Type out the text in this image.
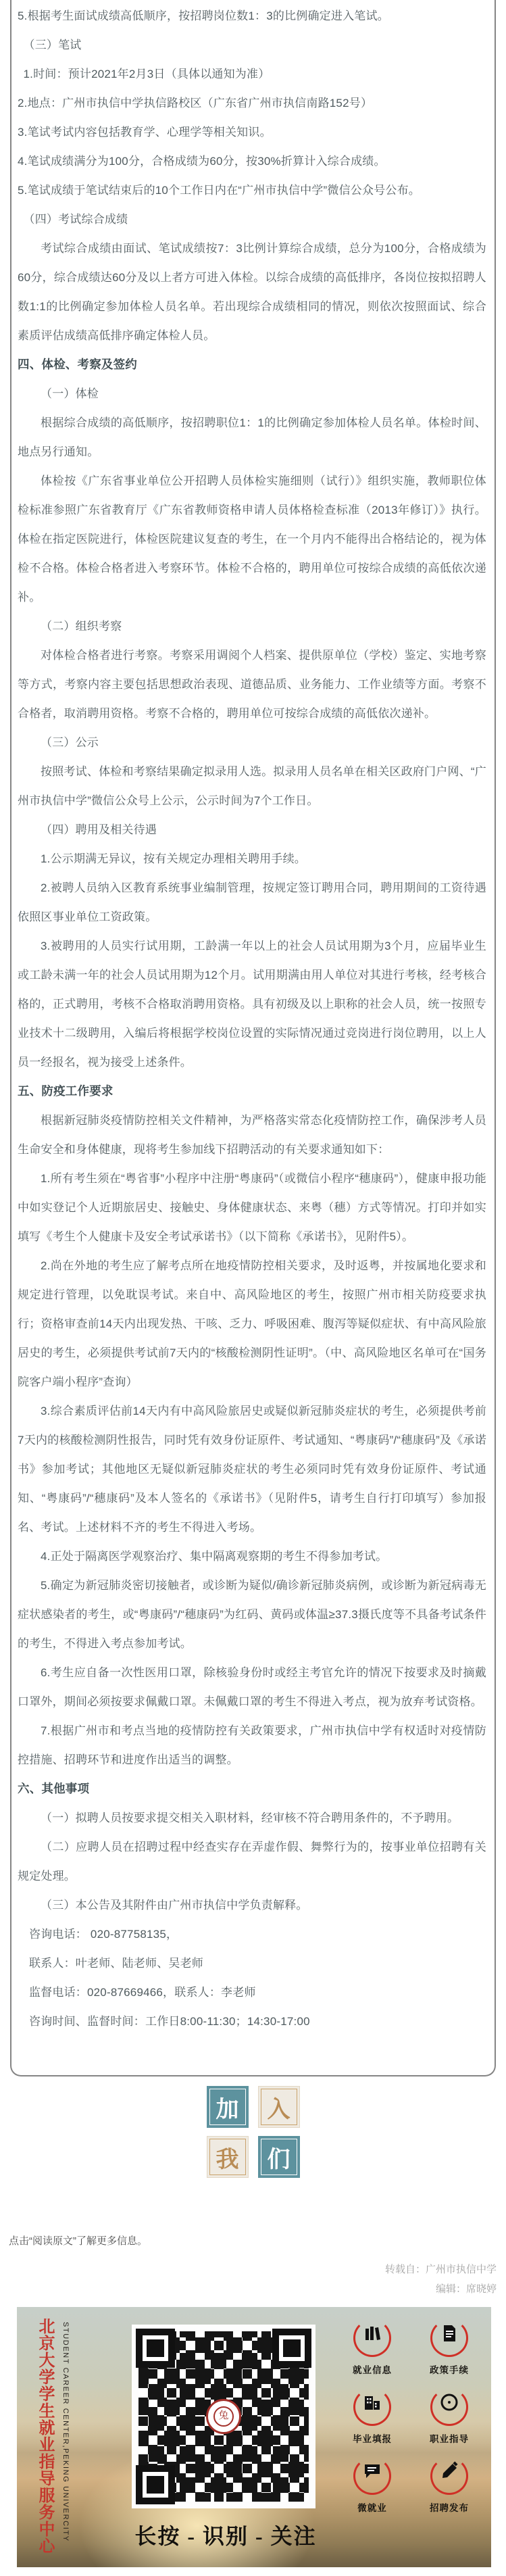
5.根据考生面试成绩高低顺序，按招聘岗位数1：3的比例确定进入笔试。

（三）笔试

1.时间：预计2021年2月3日（具体以通知为准）

2.地点：广州市执信中学执信路校区（广东省广州市执信南路152号）

3.笔试考试内容包括教育学、心理学等相关知识。

4.笔试成绩满分为100分，合格成绩为60分，按30%折算计入综合成绩。

5.笔试成绩于笔试结束后的10个工作日内在“广州市执信中学”微信公众号公布。

（四）考试综合成绩

考试综合成绩由面试、笔试成绩按7：3比例计算综合成绩，总分为100分，合格成绩为60分，综合成绩达60分及以上者方可进入体检。以综合成绩的高低排序，各岗位按拟招聘人数1:1的比例确定参加体检人员名单。若出现综合成绩相同的情况，则依次按照面试、综合素质评估成绩高低排序确定体检人员。

四、体检、考察及签约

（一）体检

根据综合成绩的高低顺序，按招聘职位1：1的比例确定参加体检人员名单。体检时间、地点另行通知。

体检按《广东省事业单位公开招聘人员体检实施细则（试行）》组织实施，教师职位体检标准参照广东省教育厅《广东省教师资格申请人员体格检查标准（2013年修订）》执行。体检在指定医院进行，体检医院建议复查的考生，在一个月内不能得出合格结论的，视为体检不合格。体检合格者进入考察环节。体检不合格的，聘用单位可按综合成绩的高低依次递补。

（二）组织考察

对体检合格者进行考察。考察采用调阅个人档案、提供原单位（学校）鉴定、实地考察等方式，考察内容主要包括思想政治表现、道德品质、业务能力、工作业绩等方面。考察不合格者，取消聘用资格。考察不合格的，聘用单位可按综合成绩的高低依次递补。

（三）公示

按照考试、体检和考察结果确定拟录用人选。拟录用人员名单在相关区政府门户网、“广州市执信中学”微信公众号上公示，公示时间为7个工作日。

（四）聘用及相关待遇

1.公示期满无异议，按有关规定办理相关聘用手续。

2.被聘人员纳入区教育系统事业编制管理，按规定签订聘用合同，聘用期间的工资待遇依照区事业单位工资政策。

3.被聘用的人员实行试用期，工龄满一年以上的社会人员试用期为3个月，应届毕业生或工龄未满一年的社会人员试用期为12个月。试用期满由用人单位对其进行考核，经考核合格的，正式聘用，考核不合格取消聘用资格。具有初级及以上职称的社会人员，统一按照专业技术十二级聘用，入编后将根据学校岗位设置的实际情况通过竞岗进行岗位聘用，以上人员一经报名，视为接受上述条件。

五、防疫工作要求

根据新冠肺炎疫情防控相关文件精神，为严格落实常态化疫情防控工作，确保涉考人员生命安全和身体健康，现将考生参加线下招聘活动的有关要求通知如下：

1.所有考生须在“粤省事”小程序中注册“粤康码”（或微信小程序“穗康码”），健康申报功能中如实登记个人近期旅居史、接触史、身体健康状态、来粤（穗）方式等情况。打印并如实填写《考生个人健康卡及安全考试承诺书》（以下简称《承诺书》，见附件5）。

2.尚在外地的考生应了解考点所在地疫情防控相关要求，及时返粤，并按属地化要求和规定进行管理，以免耽误考试。来自中、高风险地区的考生，按照广州市相关防疫要求执行；资格审查前14天内出现发热、干咳、乏力、呼吸困难、腹泻等疑似症状、有中高风险旅居史的考生，必须提供考试前7天内的“核酸检测阴性证明”。（中、高风险地区名单可在“国务院客户端小程序”查询）

3.综合素质评估前14天内有中高风险旅居史或疑似新冠肺炎症状的考生，必须提供考前7天内的核酸检测阴性报告，同时凭有效身份证原件、考试通知、“粤康码”/“穗康码”及《承诺书》参加考试；其他地区无疑似新冠肺炎症状的考生必须同时凭有效身份证原件、考试通知、“粤康码”/“穗康码”及本人签名的《承诺书》（见附件5，请考生自行打印填写）参加报名、考试。上述材料不齐的考生不得进入考场。

4.正处于隔离医学观察治疗、集中隔离观察期的考生不得参加考试。

5.确定为新冠肺炎密切接触者，或诊断为疑似/确诊新冠肺炎病例，或诊断为新冠病毒无症状感染者的考生，或“粤康码”/“穗康码”为红码、黄码或体温≥37.3摄氏度等不具备考试条件的考生，不得进入考点参加考试。

6.考生应自备一次性医用口罩，除核验身份时或经主考官允许的情况下按要求及时摘戴口罩外，期间必须按要求佩戴口罩。未佩戴口罩的考生不得进入考点，视为放弃考试资格。

7.根据广州市和考点当地的疫情防控有关政策要求，广州市执信中学有权适时对疫情防控措施、招聘环节和进度作出适当的调整。

六、其他事项

（一）拟聘人员按要求提交相关入职材料，经审核不符合聘用条件的，不予聘用。

（二）应聘人员在招聘过程中经查实存在弄虚作假、舞弊行为的，按事业单位招聘有关规定处理。

（三）本公告及其附件由广州市执信中学负责解释。

咨询电话： 020-87758135，

联系人：叶老师、陆老师、吴老师

监督电话：020-87669466，联系人：李老师

咨询时间、监督时间：工作日8:00-11:30；14:30-17:00

加 入
我 们

点击“阅读原文”了解更多信息。

转载自：广州市执信中学
编辑：席晓婷
北京大学学生就业指导服务中心	STUDENT CAREER CENTER,PEKING UNIVERCITY	兔
长按 - 识别 - 关注
就业信息	政策手续
毕业填报	职业指导
微就业	招聘发布
